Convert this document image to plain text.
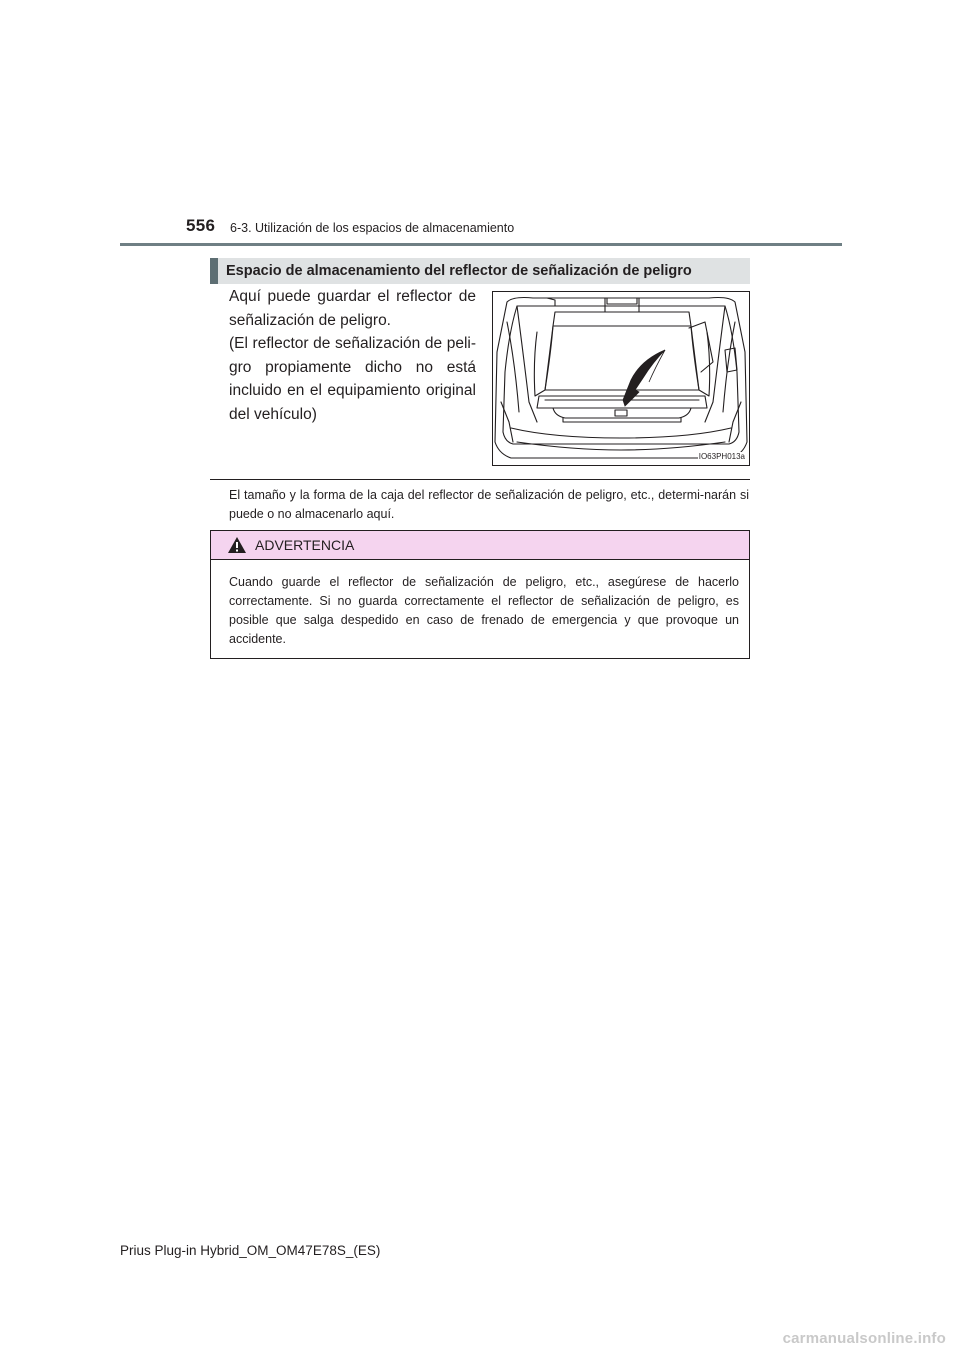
556 6-3. Utilización de los espacios de almacenamiento
Espacio de almacenamiento del reflector de señalización de peligro

Aquí puede guardar el reflector de señalización de peligro.

(El reflector de señalización de peli-gro propiamente dicho no está incluido en el equipamiento original del vehículo)

IO63PH013a
El tamaño y la forma de la caja del reflector de señalización de peligro, etc., determi-narán si puede o no almacenarlo aquí.
ADVERTENCIA
Cuando guarde el reflector de señalización de peligro, etc., asegúrese de hacerlo correctamente. Si no guarda correctamente el reflector de señalización de peligro, es posible que salga despedido en caso de frenado de emergencia y que provoque un accidente.
Prius Plug-in Hybrid_OM_OM47E78S_(ES)
carmanualsonline.info
